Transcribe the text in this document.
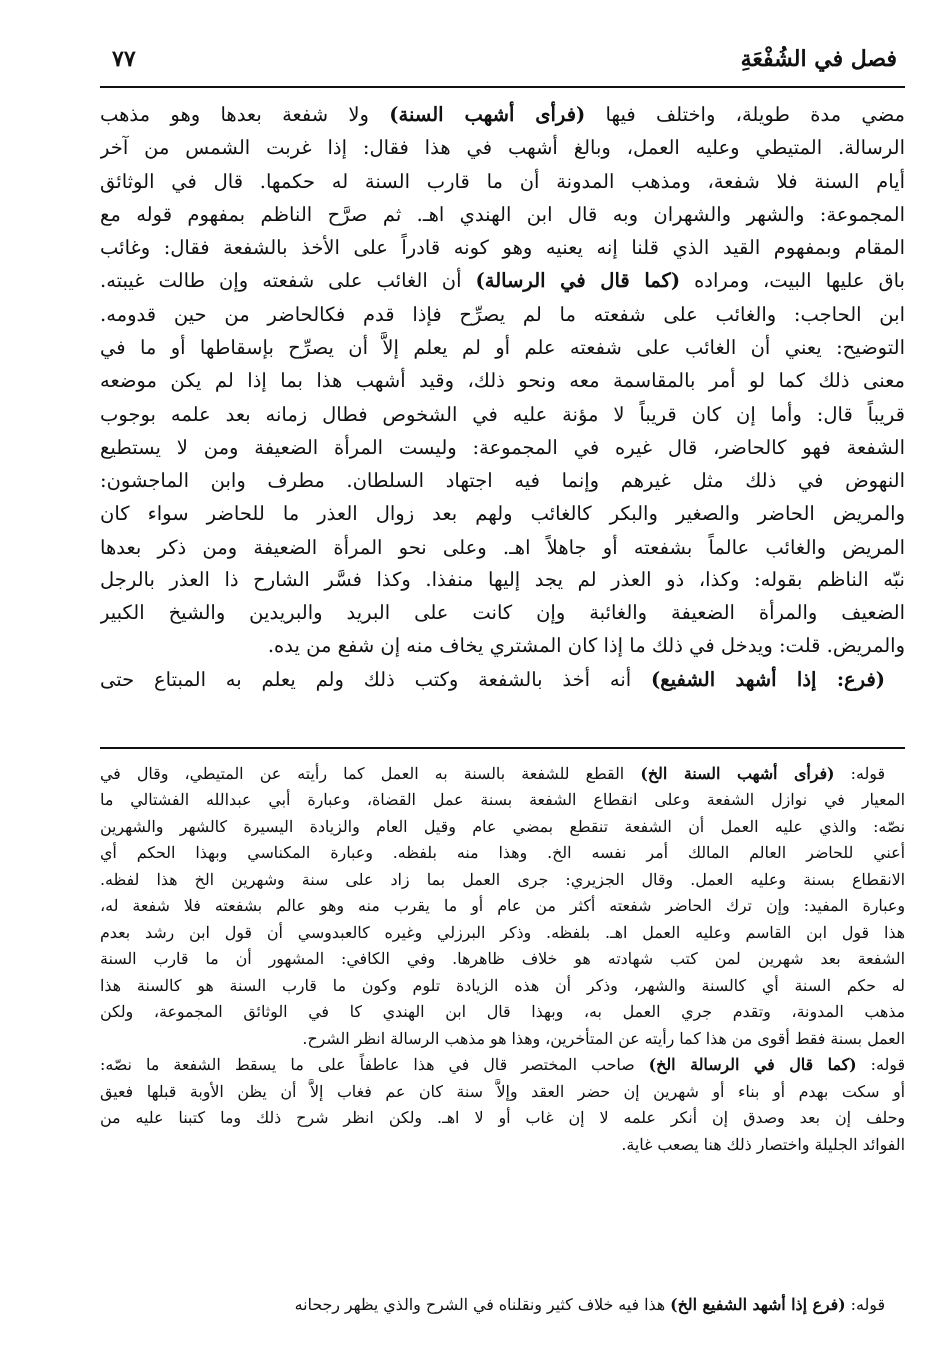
فصل في الشُفْعَةِ
٧٧
مضي مدة طويلة، واختلف فيها (فرأى أشهب السنة) ولا شفعة بعدها وهو مذهب
الرسالة. المتيطي وعليه العمل، وبالغ أشهب في هذا فقال: إذا غربت الشمس من آخر
أيام السنة فلا شفعة، ومذهب المدونة أن ما قارب السنة له حكمها. قال في الوثائق
المجموعة: والشهر والشهران وبه قال ابن الهندي اهـ. ثم صرَّح الناظم بمفهوم قوله مع
المقام وبمفهوم القيد الذي قلنا إنه يعنيه وهو كونه قادراً على الأخذ بالشفعة فقال: وغائب
باق عليها البيت، ومراده (كما قال في الرسالة) أن الغائب على شفعته وإن طالت غيبته.
ابن الحاجب: والغائب على شفعته ما لم يصرِّح فإذا قدم فكالحاضر من حين قدومه.
التوضيح: يعني أن الغائب على شفعته علم أو لم يعلم إلاَّ أن يصرِّح بإسقاطها أو ما في
معنى ذلك كما لو أمر بالمقاسمة معه ونحو ذلك، وقيد أشهب هذا بما إذا لم يكن موضعه
قريباً قال: وأما إن كان قريباً لا مؤنة عليه في الشخوص فطال زمانه بعد علمه بوجوب
الشفعة فهو كالحاضر، قال غيره في المجموعة: وليست المرأة الضعيفة ومن لا يستطيع
النهوض في ذلك مثل غيرهم وإنما فيه اجتهاد السلطان. مطرف وابن الماجشون:
والمريض الحاضر والصغير والبكر كالغائب ولهم بعد زوال العذر ما للحاضر سواء كان
المريض والغائب عالماً بشفعته أو جاهلاً اهـ. وعلى نحو المرأة الضعيفة ومن ذكر بعدها
نبّه الناظم بقوله: وكذا، ذو العذر لم يجد إليها منفذا. وكذا فسَّر الشارح ذا العذر بالرجل
الضعيف والمرأة الضعيفة والغائبة وإن كانت على البريد والبريدين والشيخ الكبير
والمريض. قلت: ويدخل في ذلك ما إذا كان المشتري يخاف منه إن شفع من يده.
(فرع: إذا أشهد الشفيع) أنه أخذ بالشفعة وكتب ذلك ولم يعلم به المبتاع حتى
قوله: (فرأى أشهب السنة الخ) القطع للشفعة بالسنة به العمل كما رأيته عن المتيطي، وقال في
المعيار في نوازل الشفعة وعلى انقطاع الشفعة بسنة عمل القضاة، وعبارة أبي عبدالله الفشتالي ما
نصّه: والذي عليه العمل أن الشفعة تنقطع بمضي عام وقيل العام والزيادة اليسيرة كالشهر والشهرين
أعني للحاضر العالم المالك أمر نفسه الخ. وهذا منه بلفظه. وعبارة المكناسي وبهذا الحكم أي
الانقطاع بسنة وعليه العمل. وقال الجزيري: جرى العمل بما زاد على سنة وشهرين الخ هذا لفظه.
وعبارة المفيد: وإن ترك الحاضر شفعته أكثر من عام أو ما يقرب منه وهو عالم بشفعته فلا شفعة له،
هذا قول ابن القاسم وعليه العمل اهـ. بلفظه. وذكر البرزلي وغيره كالعبدوسي أن قول ابن رشد بعدم
الشفعة بعد شهرين لمن كتب شهادته هو خلاف ظاهرها. وفي الكافي: المشهور أن ما قارب السنة
له حكم السنة أي كالسنة والشهر، وذكر أن هذه الزيادة تلوم وكون ما قارب السنة هو كالسنة هذا
مذهب المدونة، وتقدم جري العمل به، وبهذا قال ابن الهندي كا في الوثائق المجموعة، ولكن
العمل بسنة فقط أقوى من هذا كما رأيته عن المتأخرين، وهذا هو مذهب الرسالة انظر الشرح.
قوله: (كما قال في الرسالة الخ) صاحب المختصر قال في هذا عاطفاً على ما يسقط الشفعة ما نصّه:
أو سكت بهدم أو بناء أو شهرين إن حضر العقد وإلاَّ سنة كان عم فغاب إلاَّ أن يظن الأوبة قبلها فعيق
وحلف إن بعد وصدق إن أنكر علمه لا إن غاب أو لا اهـ. ولكن انظر شرح ذلك وما كتبنا عليه من
الفوائد الجليلة واختصار ذلك هنا يصعب غاية.
قوله: (فرع إذا أشهد الشفيع الخ) هذا فيه خلاف كثير ونقلناه في الشرح والذي يظهر رجحانه
